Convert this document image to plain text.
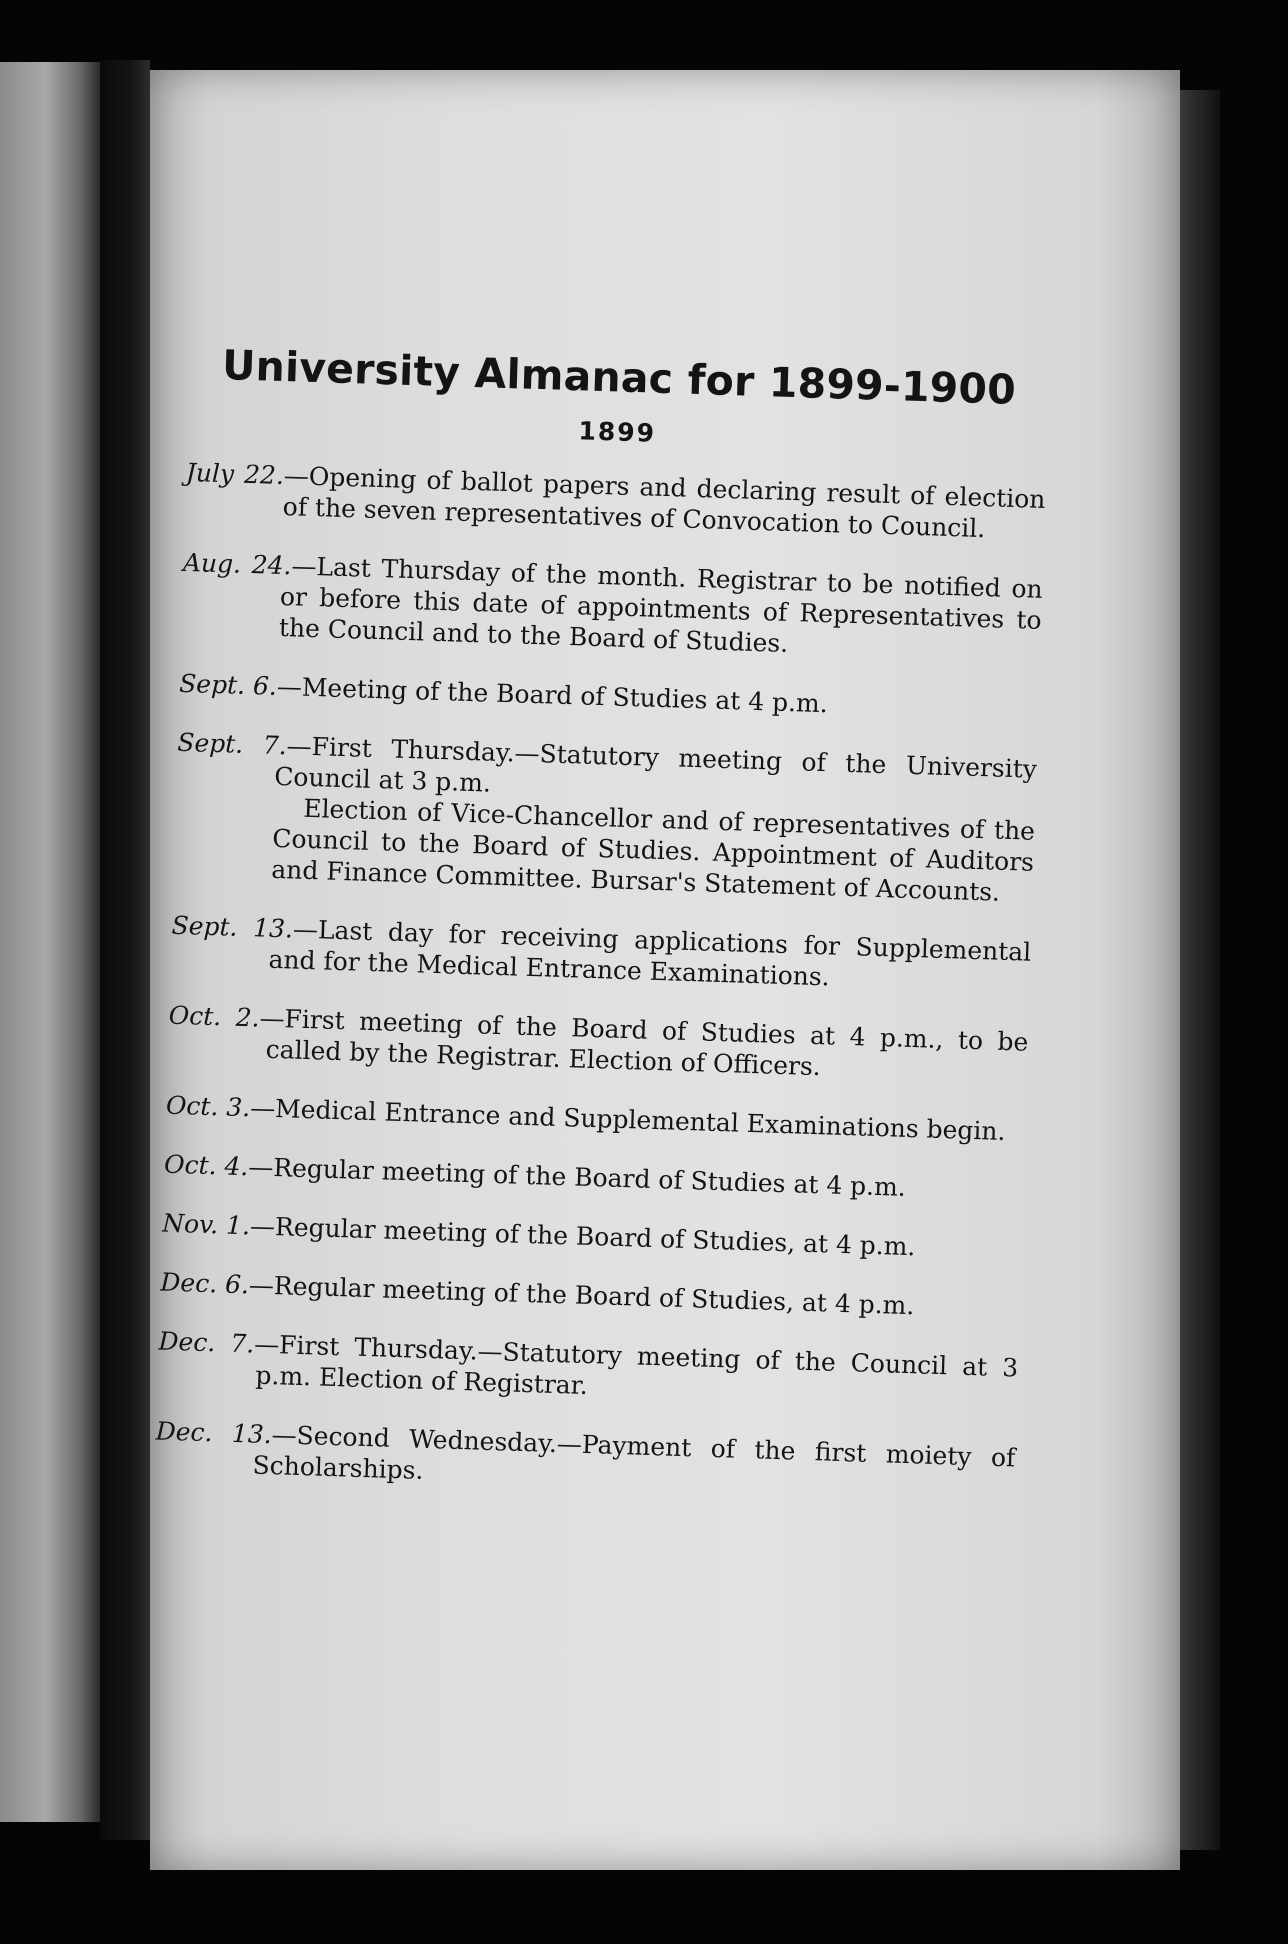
University Almanac for 1899-1900
1899
July 22.—Opening of ballot papers and declaring result of election of the seven representatives of Convocation to Council.
Aug. 24.—Last Thursday of the month. Registrar to be notified on or before this date of appointments of Representatives to the Council and to the Board of Studies.
Sept. 6.—Meeting of the Board of Studies at 4 p.m.
Sept. 7.—First Thursday.—Statutory meeting of the University Council at 3 p.m.
Election of Vice-Chancellor and of representatives of the Council to the Board of Studies. Appointment of Auditors and Finance Committee. Bursar's Statement of Accounts.
Sept. 13.—Last day for receiving applications for Supplemental and for the Medical Entrance Examinations.
Oct. 2.—First meeting of the Board of Studies at 4 p.m., to be called by the Registrar. Election of Officers.
Oct. 3.—Medical Entrance and Supplemental Examinations begin.
Oct. 4.—Regular meeting of the Board of Studies at 4 p.m.
Nov. 1.—Regular meeting of the Board of Studies, at 4 p.m.
Dec. 6.—Regular meeting of the Board of Studies, at 4 p.m.
Dec. 7.—First Thursday.—Statutory meeting of the Council at 3 p.m. Election of Registrar.
Dec. 13.—Second Wednesday.—Payment of the first moiety of Scholarships.
